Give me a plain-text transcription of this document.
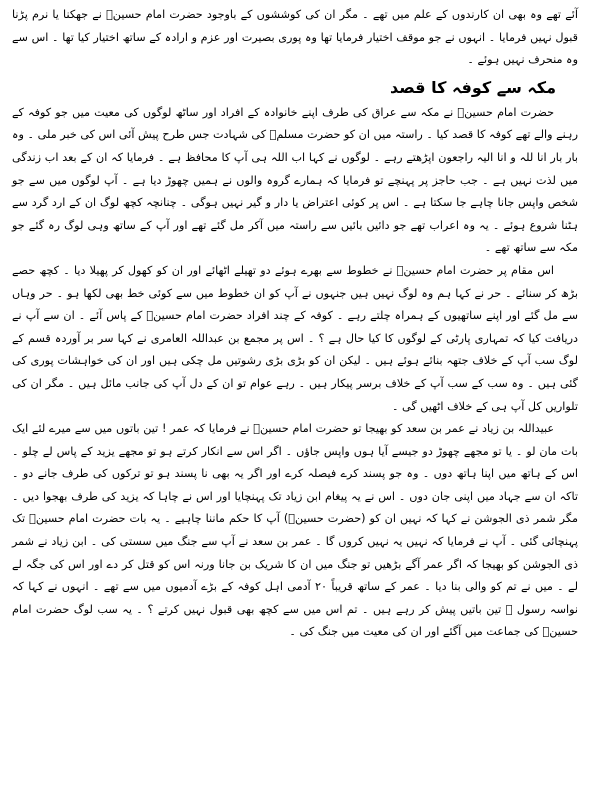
آئے تھے وہ بھی ان کارندوں کے علم میں تھے ۔ مگر ان کی کوششوں کے باوجود حضرت امام حسینؑ نے جھکنا یا نرم پڑنا قبول نہیں فرمایا ۔ انہوں نے جو موقف اختیار فرمایا تھا وہ پوری بصیرت اور عزم و ارادہ کے ساتھ اختیار کیا تھا ۔ اس سے وہ منحرف نہیں ہوئے ۔

مکہ سے کوفہ کا قصد

حضرت امام حسینؑ نے مکہ سے عراق کی طرف اپنے خانوادہ کے افراد اور ساٹھ لوگوں کی معیت میں جو کوفہ کے رہنے والے تھے کوفہ کا قصد کیا ۔ راستہ میں ان کو حضرت مسلمؑ کی شہادت جس طرح پیش آئی اس کی خبر ملی ۔ وہ بار بار انا للہ و انا الیہ راجعون اپڑھتے رہے ۔ لوگوں نے کہا اب اللہ ہی آپ کا محافظ ہے ۔ فرمایا کہ ان کے بعد اب زندگی میں لذت نہیں ہے ۔ جب حاجز پر پہنچے تو فرمایا کہ ہمارے گروہ والوں نے ہمیں چھوڑ دیا ہے ۔ آپ لوگوں میں سے جو شخص واپس جانا چاہے جا سکتا ہے ۔ اس پر کوئی اعتراض یا دار و گیر نہیں ہوگی ۔ چنانچہ کچھ لوگ ان کے ارد گرد سے ہٹنا شروع ہوئے ۔ یہ وہ اعراب تھے جو دائیں بائیں سے راستہ میں آکر مل گئے تھے اور آپ کے ساتھ وہی لوگ رہ گئے جو مکہ سے ساتھ تھے ۔

اس مقام پر حضرت امام حسینؑ نے خطوط سے بھرے ہوئے دو تھیلے اٹھائے اور ان کو کھول کر پھیلا دیا ۔ کچھ حصے بڑھ کر سنائے ۔ حر نے کہا ہم وہ لوگ نہیں ہیں جنہوں نے آپ کو ان خطوط میں سے کوئی خط بھی لکھا ہو ۔ حر وہاں سے مل گئے اور اپنے ساتھیوں کے ہمراہ چلتے رہے ۔ کوفہ کے چند افراد حضرت امام حسینؑ کے پاس آئے ۔ ان سے آپ نے دریافت کیا کہ تمہاری پارٹی کے لوگوں کا کیا حال ہے ؟ ۔ اس پر مجمع بن عبداللہ العامری نے کہا سر بر آوردہ قسم کے لوگ سب آپ کے خلاف جتھہ بنائے ہوئے ہیں ۔ لیکن ان کو بڑی بڑی رشوتیں مل چکی ہیں اور ان کی خواہشات پوری کی گئی ہیں ۔ وہ سب کے سب آپ کے خلاف برسر پیکار ہیں ۔ رہے عوام تو ان کے دل آپ کی جانب مائل ہیں ۔ مگر ان کی تلواریں کل آپ ہی کے خلاف اٹھیں گی ۔

عبیداللہ بن زیاد نے عمر بن سعد کو بھیجا تو حضرت امام حسینؑ نے فرمایا کہ عمر ! تین باتوں میں سے میرے لئے ایک بات مان لو ۔ یا تو مجھے چھوڑ دو جیسے آیا ہوں واپس جاؤں ۔ اگر اس سے انکار کرتے ہو تو مجھے یزید کے پاس لے چلو ۔ اس کے ہاتھ میں اپنا ہاتھ دوں ۔ وہ جو پسند کرے فیصلہ کرے اور اگر یہ بھی نا پسند ہو تو ترکوں کی طرف جانے دو ۔ تاکہ ان سے جہاد میں اپنی جان دوں ۔ اس نے یہ پیغام ابن زیاد تک پہنچایا اور اس نے چاہا کہ یزید کی طرف بھجوا دیں ۔ مگر شمر ذی الجوشن نے کہا کہ نہیں ان کو (حضرت حسینؑ) آپ کا حکم ماننا چاہیے ۔ یہ بات حضرت امام حسینؑ تک پہنچائی گئی ۔ آپ نے فرمایا کہ نہیں یہ نہیں کروں گا ۔ عمر بن سعد نے آپ سے جنگ میں سستی کی ۔ ابن زیاد نے شمر ذی الجوشن کو بھیجا کہ اگر عمر آگے بڑھیں تو جنگ میں ان کا شریک بن جانا ورنہ اس کو قتل کر دے اور اس کی جگہ لے لے ۔ میں نے تم کو والی بنا دیا ۔ عمر کے ساتھ قریباً ۲۰ آدمی اہل کوفہ کے بڑے آدمیوں میں سے تھے ۔ انہوں نے کہا کہ نواسہ رسول ﷺ تین باتیں پیش کر رہے ہیں ۔ تم اس میں سے کچھ بھی قبول نہیں کرتے ؟ ۔ یہ سب لوگ حضرت امام حسینؑ کی جماعت میں آگئے اور ان کی معیت میں جنگ کی ۔
